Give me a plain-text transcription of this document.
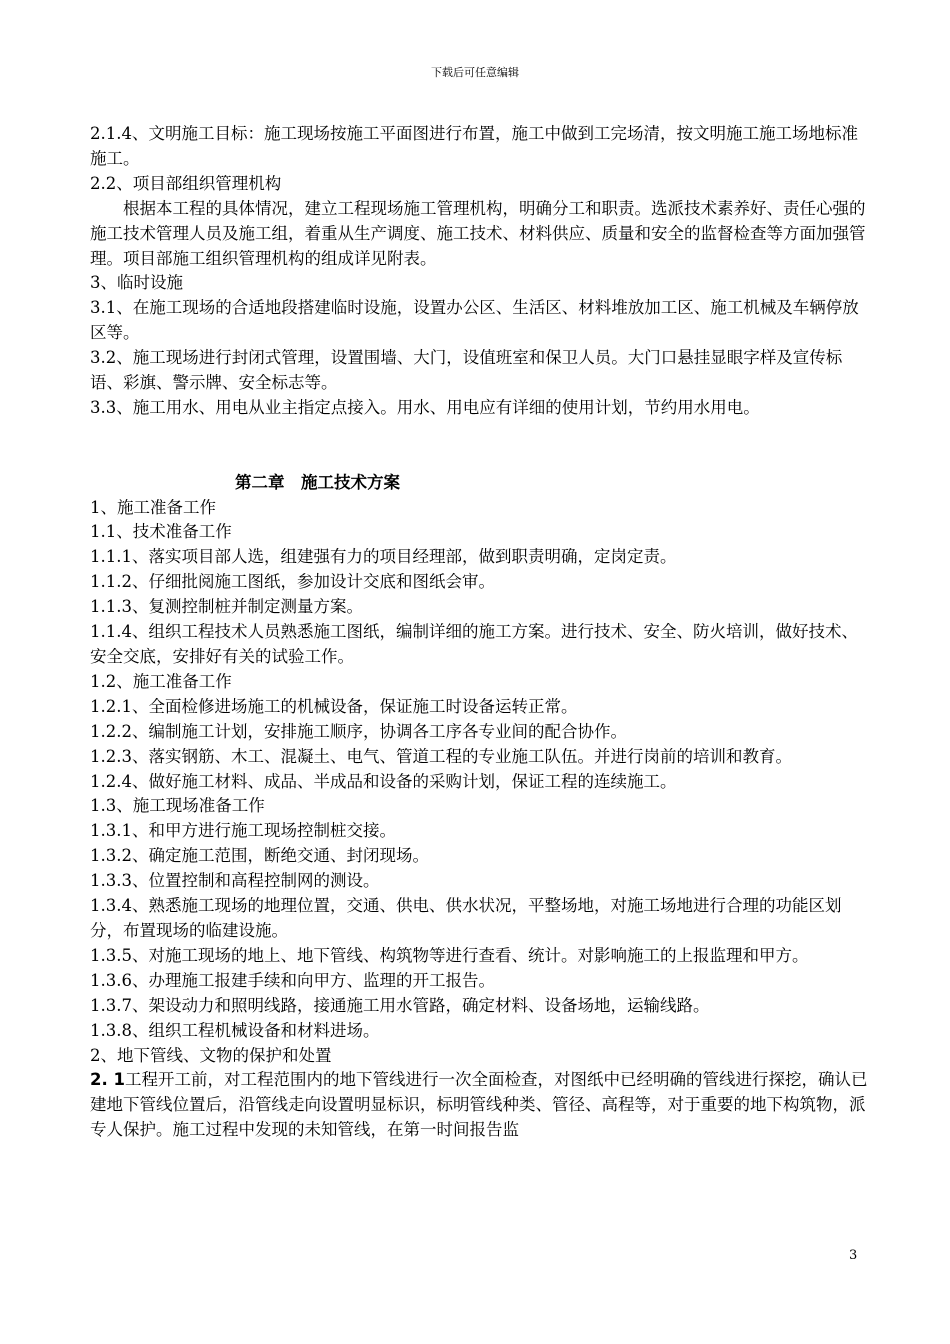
下载后可任意编辑

2.1.4、文明施工目标：施工现场按施工平面图进行布置，施工中做到工完场清，按文明施工施工场地标准施工。

2.2、项目部组织管理机构

根据本工程的具体情况，建立工程现场施工管理机构，明确分工和职责。选派技术素养好、责任心强的施工技术管理人员及施工组，着重从生产调度、施工技术、材料供应、质量和安全的监督检查等方面加强管理。项目部施工组织管理机构的组成详见附表。

3、临时设施

3.1、在施工现场的合适地段搭建临时设施，设置办公区、生活区、材料堆放加工区、施工机械及车辆停放区等。

3.2、施工现场进行封闭式管理，设置围墙、大门，设值班室和保卫人员。大门口悬挂显眼字样及宣传标语、彩旗、警示牌、安全标志等。

3.3、施工用水、用电从业主指定点接入。用水、用电应有详细的使用计划，节约用水用电。

第二章　施工技术方案

1、施工准备工作

1.1、技术准备工作

1.1.1、落实项目部人选，组建强有力的项目经理部，做到职责明确，定岗定责。

1.1.2、仔细批阅施工图纸，参加设计交底和图纸会审。

1.1.3、复测控制桩并制定测量方案。

1.1.4、组织工程技术人员熟悉施工图纸，编制详细的施工方案。进行技术、安全、防火培训，做好技术、安全交底，安排好有关的试验工作。

1.2、施工准备工作

1.2.1、全面检修进场施工的机械设备，保证施工时设备运转正常。

1.2.2、编制施工计划，安排施工顺序，协调各工序各专业间的配合协作。

1.2.3、落实钢筋、木工、混凝土、电气、管道工程的专业施工队伍。并进行岗前的培训和教育。

1.2.4、做好施工材料、成品、半成品和设备的采购计划，保证工程的连续施工。

1.3、施工现场准备工作

1.3.1、和甲方进行施工现场控制桩交接。

1.3.2、确定施工范围，断绝交通、封闭现场。

1.3.3、位置控制和高程控制网的测设。

1.3.4、熟悉施工现场的地理位置，交通、供电、供水状况，平整场地，对施工场地进行合理的功能区划分，布置现场的临建设施。

1.3.5、对施工现场的地上、地下管线、构筑物等进行查看、统计。对影响施工的上报监理和甲方。

1.3.6、办理施工报建手续和向甲方、监理的开工报告。

1.3.7、架设动力和照明线路，接通施工用水管路，确定材料、设备场地，运输线路。

1.3.8、组织工程机械设备和材料进场。

2、地下管线、文物的保护和处置

2. 1工程开工前，对工程范围内的地下管线进行一次全面检查，对图纸中已经明确的管线进行探挖，确认已建地下管线位置后，沿管线走向设置明显标识，标明管线种类、管径、高程等，对于重要的地下构筑物，派专人保护。施工过程中发现的未知管线，在第一时间报告监

3
